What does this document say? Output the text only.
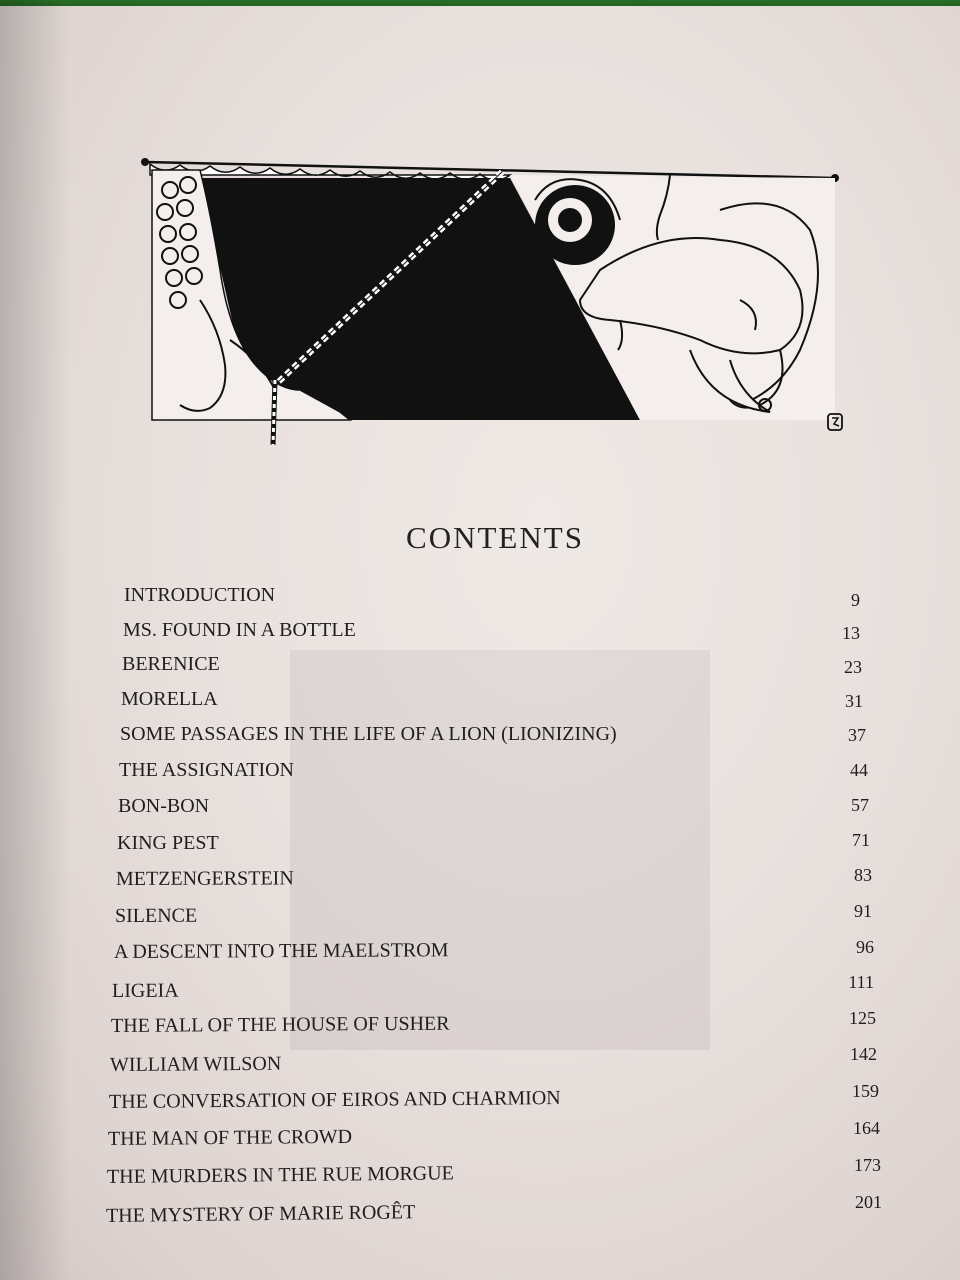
CONTENTS
INTRODUCTION	9
MS. FOUND IN A BOTTLE	13
BERENICE	23
MORELLA	31
SOME PASSAGES IN THE LIFE OF A LION (LIONIZING)	37
THE ASSIGNATION	44
BON-BON	57
KING PEST	71
METZENGERSTEIN	83
SILENCE	91
A DESCENT INTO THE MAELSTROM	96
LIGEIA	111
THE FALL OF THE HOUSE OF USHER	125
WILLIAM WILSON	142
THE CONVERSATION OF EIROS AND CHARMION	159
THE MAN OF THE CROWD	164
THE MURDERS IN THE RUE MORGUE	173
THE MYSTERY OF MARIE ROGÊT	201
